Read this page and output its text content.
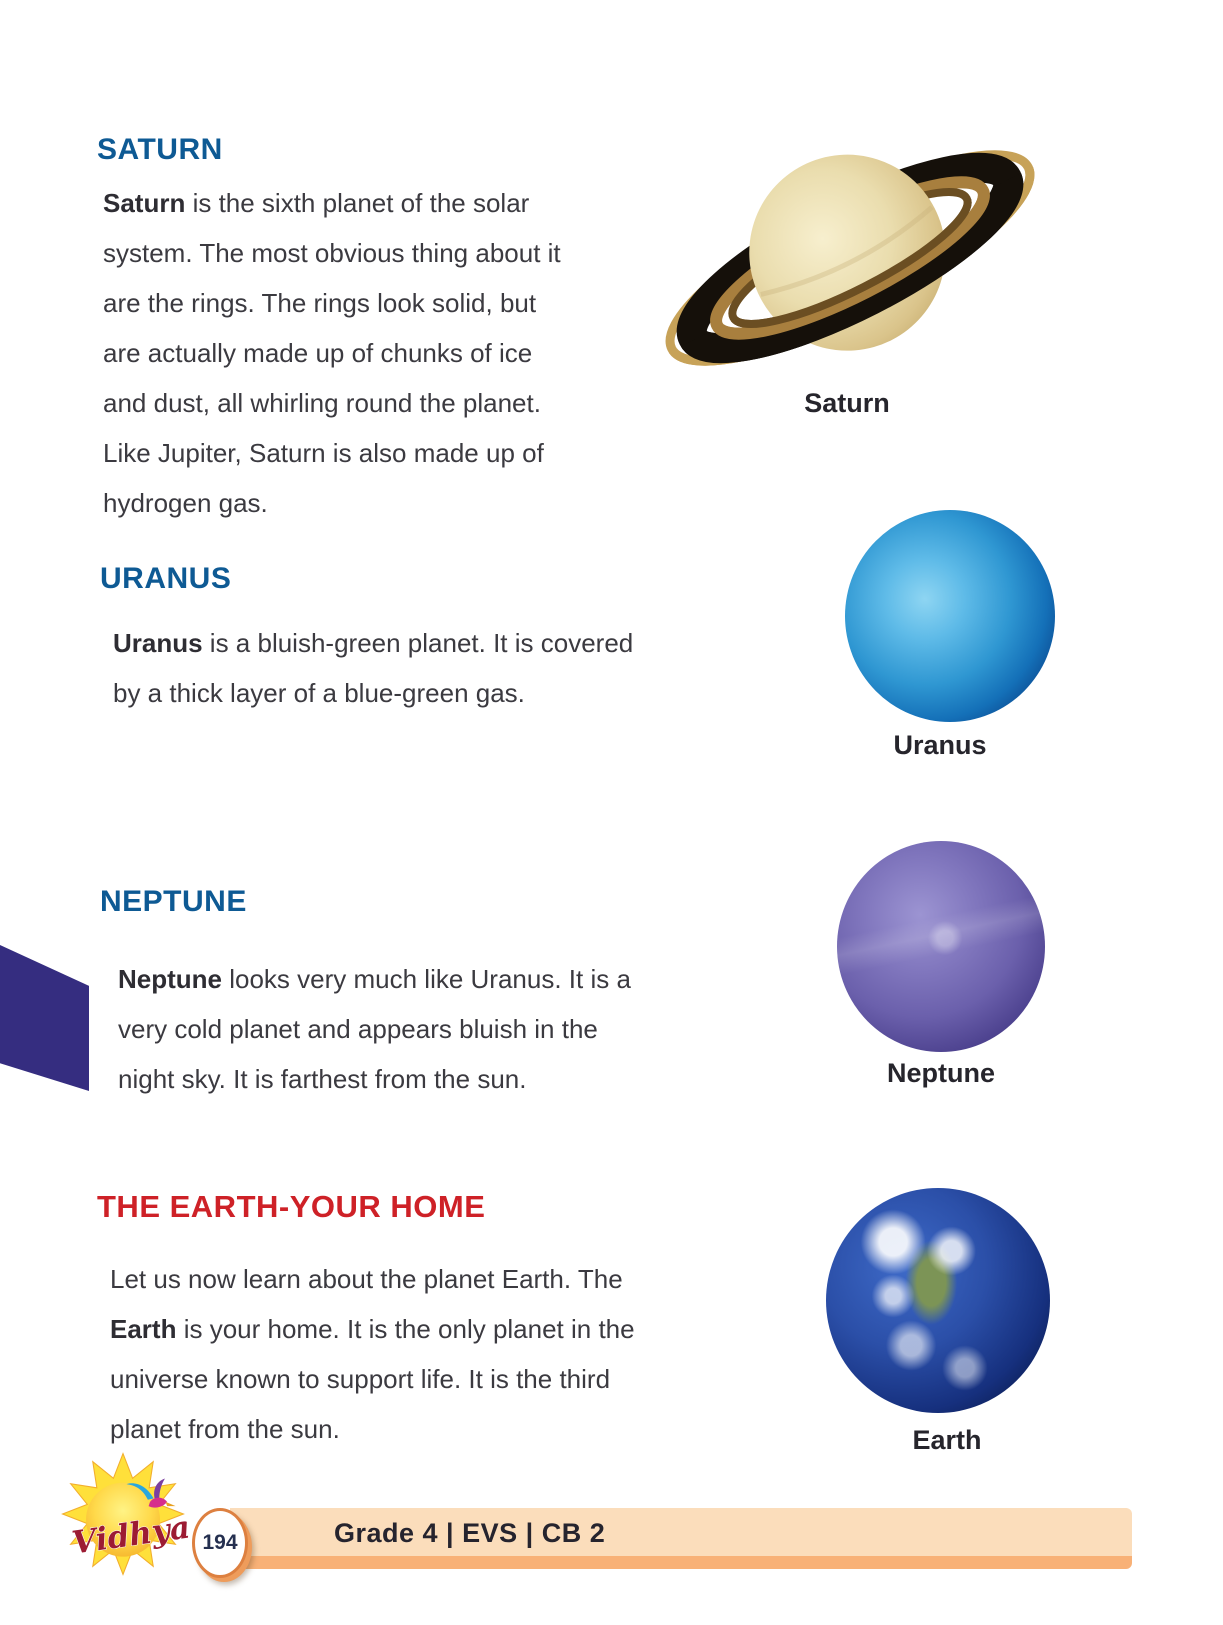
SATURN

Saturn is the sixth planet of the solar
system. The most obvious thing about it
are the rings. The rings look solid, but
are actually made up of chunks of ice
and dust, all whirling round the planet.
Like Jupiter, Saturn is also made up of
hydrogen gas.

Saturn
URANUS

Uranus is a bluish-green planet. It is covered
by a thick layer of a blue-green gas.

Uranus
NEPTUNE

Neptune looks very much like Uranus. It is a
very cold planet and appears bluish in the
night sky. It is farthest from the sun.	Neptune
THE EARTH-YOUR HOME

Let us now learn about the planet Earth. The
Earth is your home. It is the only planet in the
universe known to support life. It is the third
planet from the sun.	Earth
Grade 4 | EVS | CB 2
194
Vidhya
